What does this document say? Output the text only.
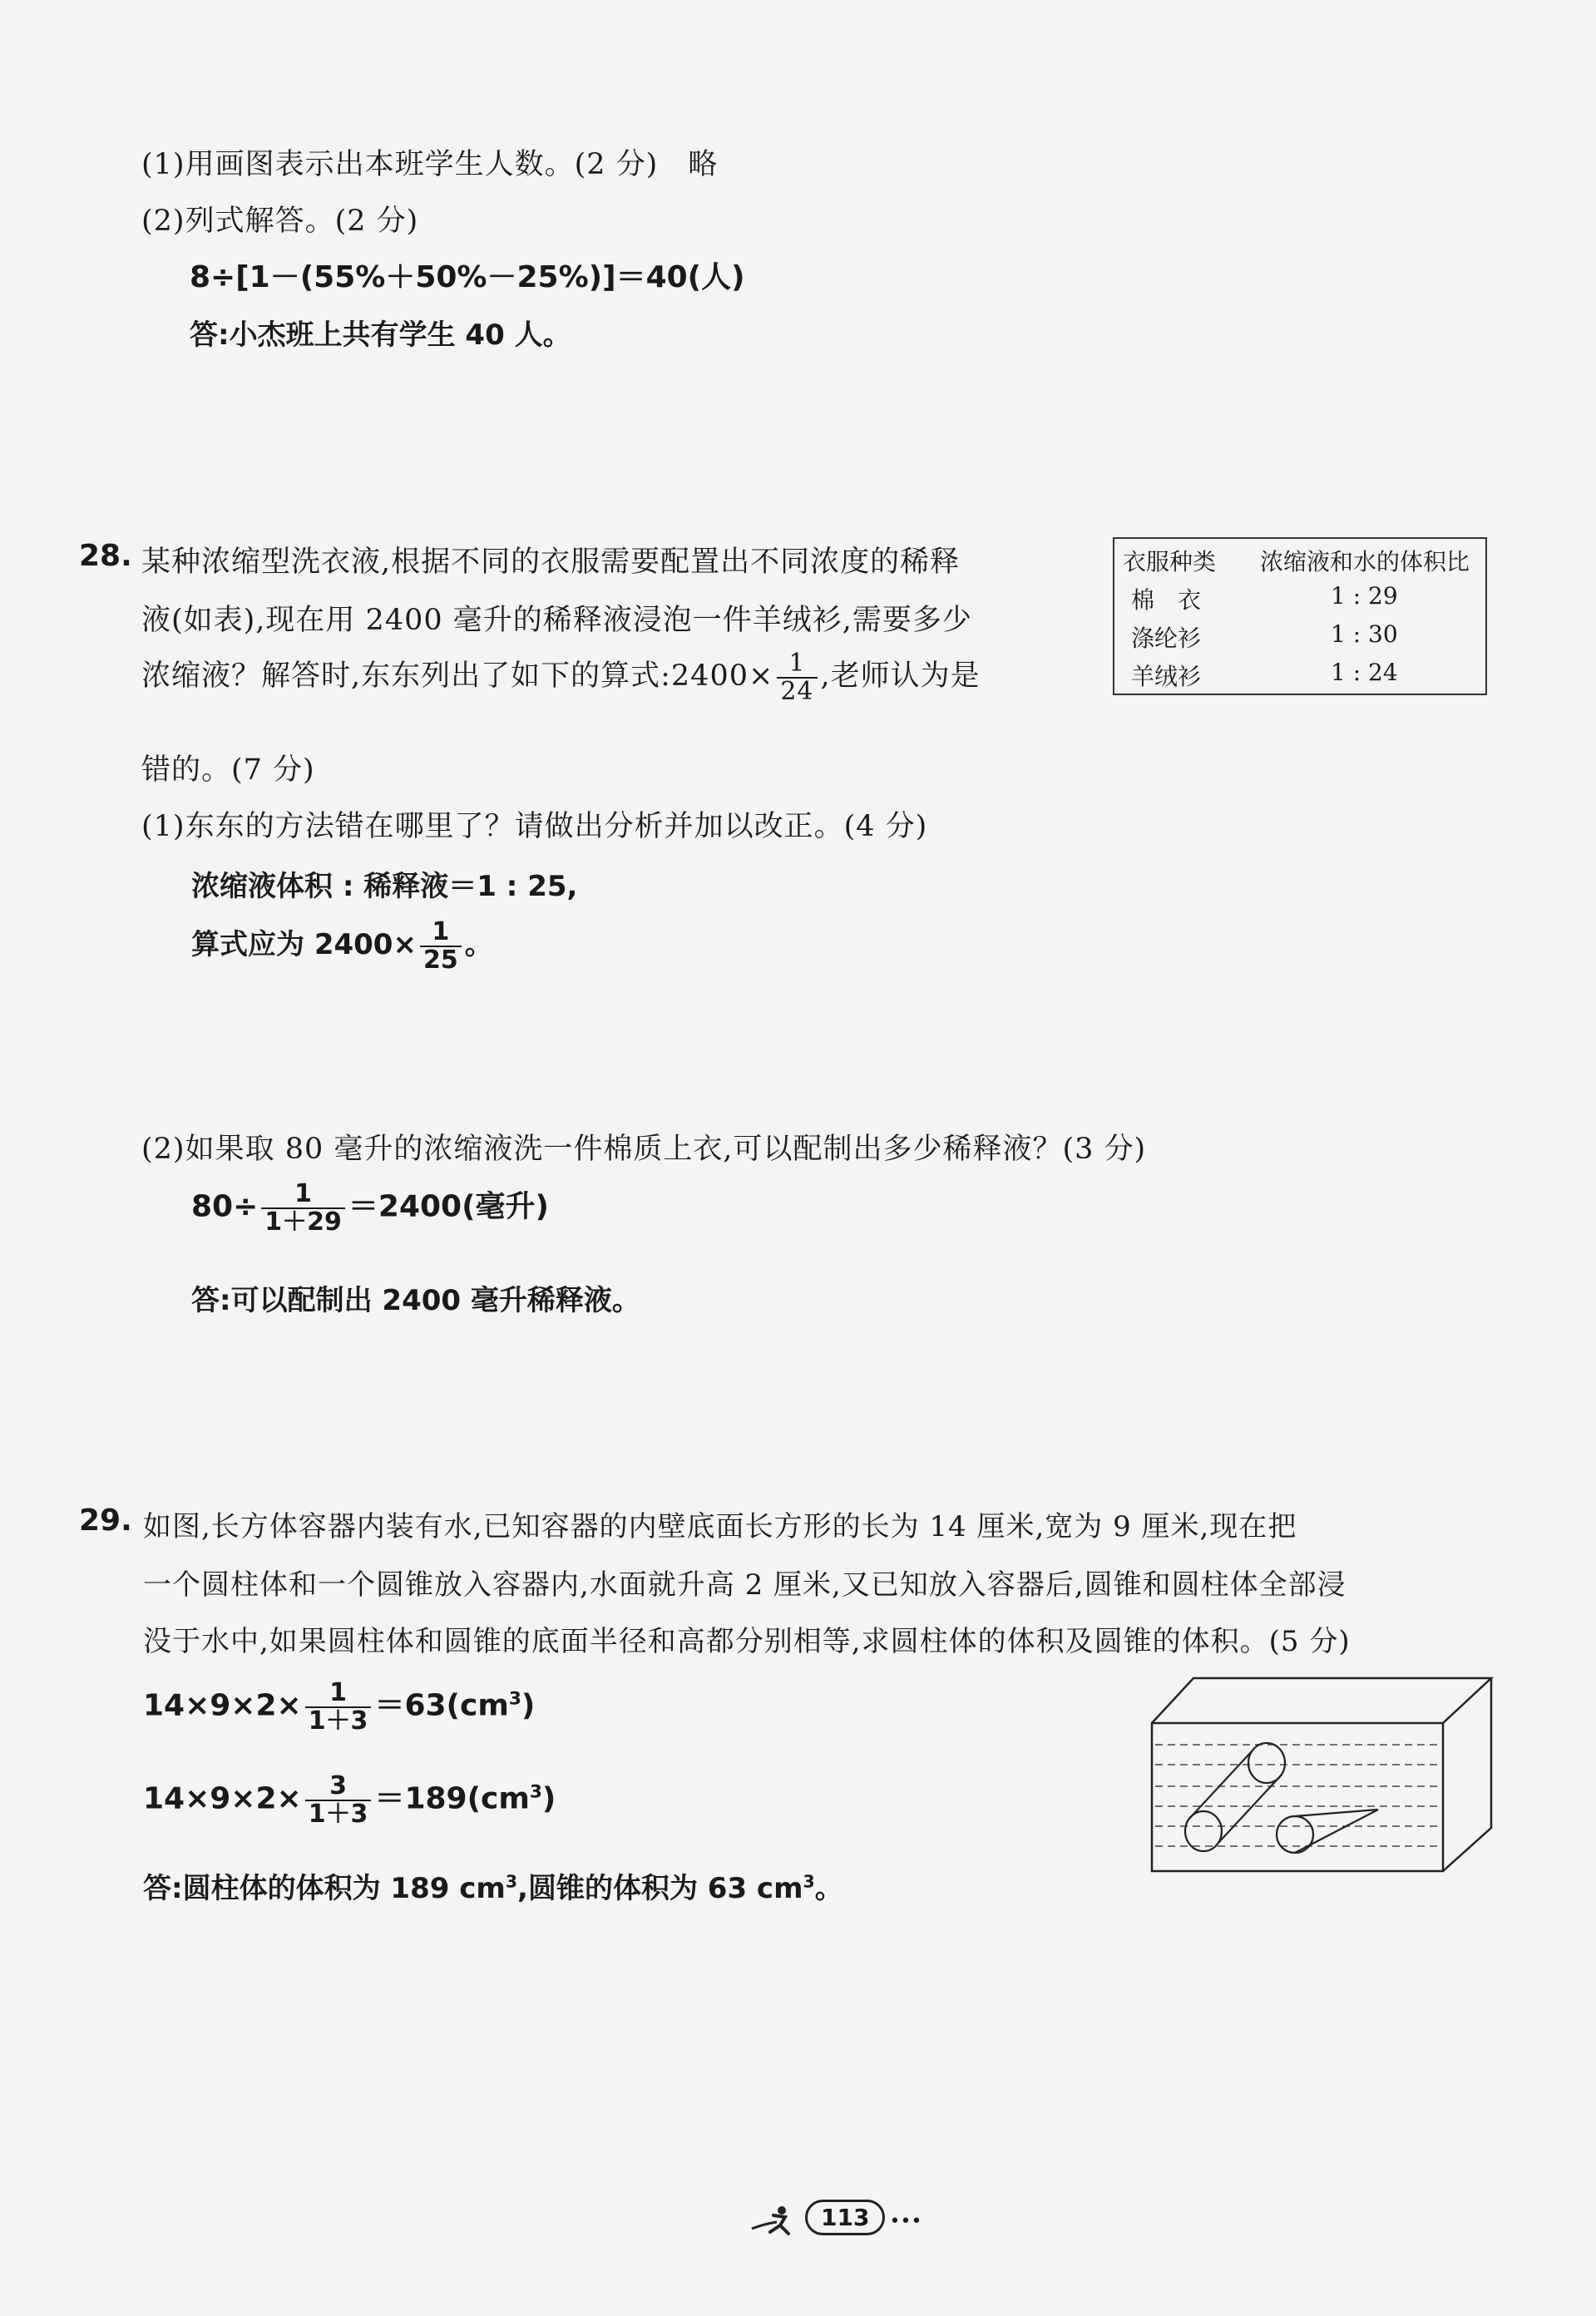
(1)用画图表示出本班学生人数。(2 分)　略
(2)列式解答。(2 分)
8÷[1－(55%＋50%－25%)]＝40(人)
答:小杰班上共有学生 40 人。
28. 某种浓缩型洗衣液,根据不同的衣服需要配置出不同浓度的稀释
液(如表),现在用 2400 毫升的稀释液浸泡一件羊绒衫,需要多少
浓缩液？解答时,东东列出了如下的算式:2400× $\frac{1}{24}$ ,老师认为是
错的。(7 分)
衣服种类 浓缩液和水的体积比
棉　衣	1 : 29
涤纶衫	1 : 30
羊绒衫	1 : 24
(1)东东的方法错在哪里了？请做出分析并加以改正。(4 分)
浓缩液体积 : 稀释液＝1 : 25,
算式应为 $2400\times \frac{1}{25}$ 。
(2)如果取 80 毫升的浓缩液洗一件棉质上衣,可以配制出多少稀释液？(3 分)
$80\div \frac{1}{1+29} =2400$(毫升)
答:可以配制出 2400 毫升稀释液。
29. 如图,长方体容器内装有水,已知容器的内壁底面长方形的长为 14 厘米,宽为 9 厘米,现在把
一个圆柱体和一个圆锥放入容器内,水面就升高 2 厘米,又已知放入容器后,圆锥和圆柱体全部浸
没于水中,如果圆柱体和圆锥的底面半径和高都分别相等,求圆柱体的体积及圆锥的体积。(5 分)
$14\times 9\times 2\times \frac{1}{1+3} =63(cm^3)$
$14\times 9\times 2\times \frac{3}{1+3} =189(cm^3)$
答:圆柱体的体积为 189 $cm^3$,圆锥的体积为 63 $cm^3$。
113 •••
